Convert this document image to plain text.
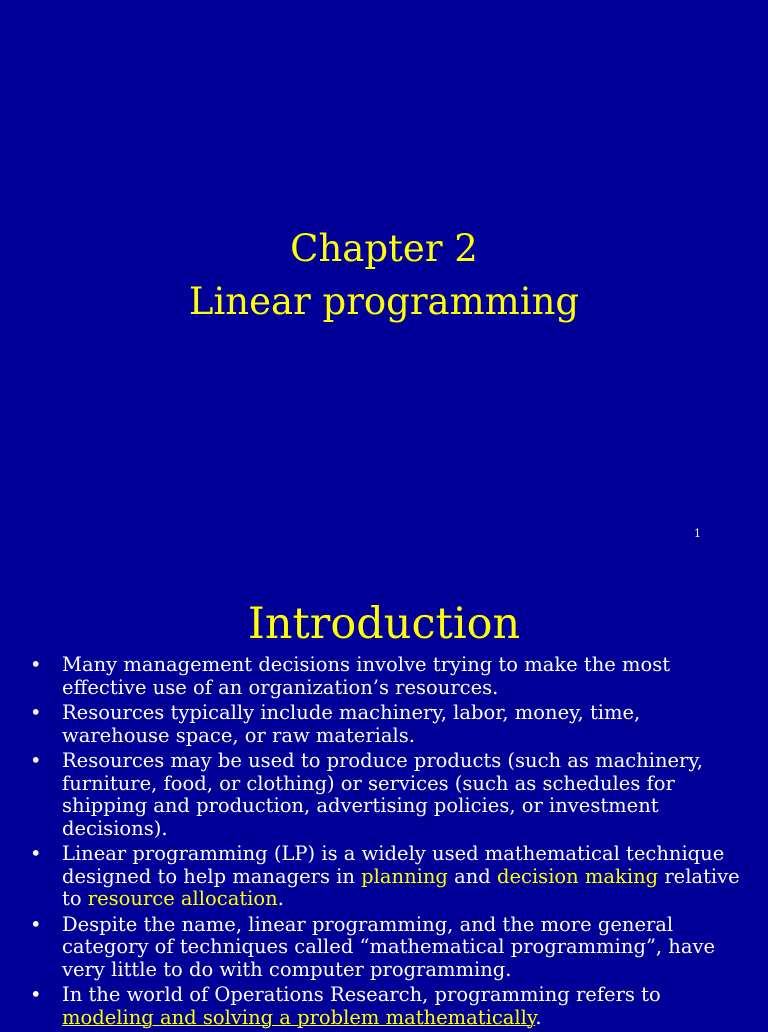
Chapter 2
Linear programming
1
Introduction
• Many management decisions involve trying to make the most effective use of an organization’s resources.
• Resources typically include machinery, labor, money, time, warehouse space, or raw materials.
• Resources may be used to produce products (such as machinery, furniture, food, or clothing) or services (such as schedules for shipping and production, advertising policies, or investment decisions).
• Linear programming (LP) is a widely used mathematical technique designed to help managers in planning and decision making relative to resource allocation.
• Despite the name, linear programming, and the more general category of techniques called “mathematical programming”, have very little to do with computer programming.
• In the world of Operations Research, programming refers to modeling and solving a problem mathematically.
